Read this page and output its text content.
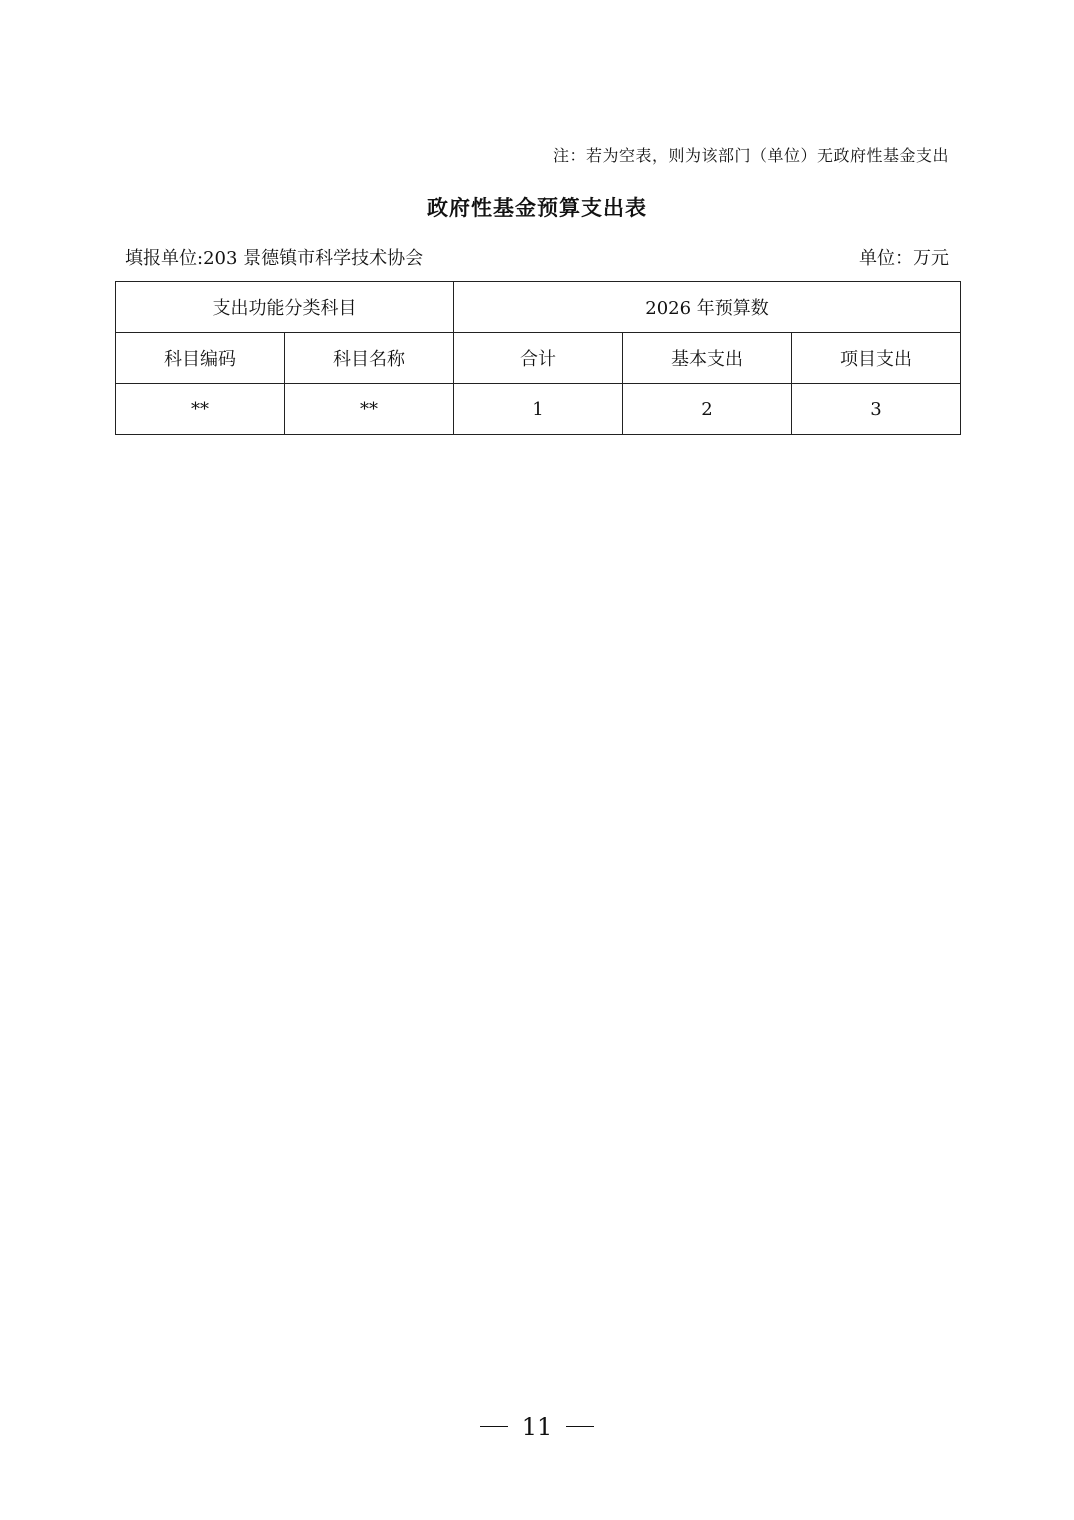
注：若为空表，则为该部门（单位）无政府性基金支出
政府性基金预算支出表
填报单位:203 景德镇市科学技术协会	单位：万元
支出功能分类科目		2026 年预算数		
科目编码	科目名称	合计	基本支出	项目支出
**	**	1	2	3
11
